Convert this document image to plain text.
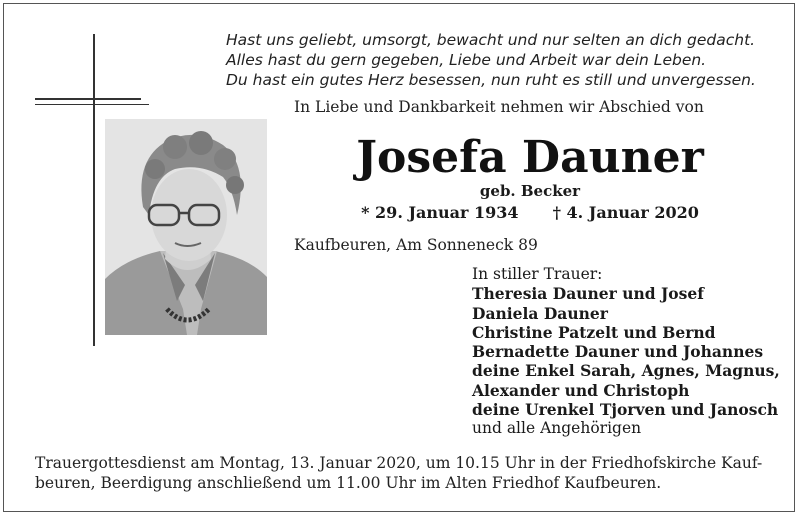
Hast uns geliebt, umsorgt, bewacht und nur selten an dich gedacht.
Alles hast du gern gegeben, Liebe und Arbeit war dein Leben.
Du hast ein gutes Herz besessen, nun ruht es still und unvergessen.
In Liebe und Dankbarkeit nehmen wir Abschied von
Josefa Dauner
geb. Becker
* 29. Januar 1934 † 4. Januar 2020
Kaufbeuren, Am Sonneneck 89
In stiller Trauer:
Theresia Dauner und Josef
Daniela Dauner
Christine Patzelt und Bernd
Bernadette Dauner und Johannes
deine Enkel Sarah, Agnes, Magnus,
Alexander und Christoph
deine Urenkel Tjorven und Janosch
und alle Angehörigen
Trauergottesdienst am Montag, 13. Januar 2020, um 10.15 Uhr in der Friedhofskirche Kauf-
beuren, Beerdigung anschließend um 11.00 Uhr im Alten Friedhof Kaufbeuren.
